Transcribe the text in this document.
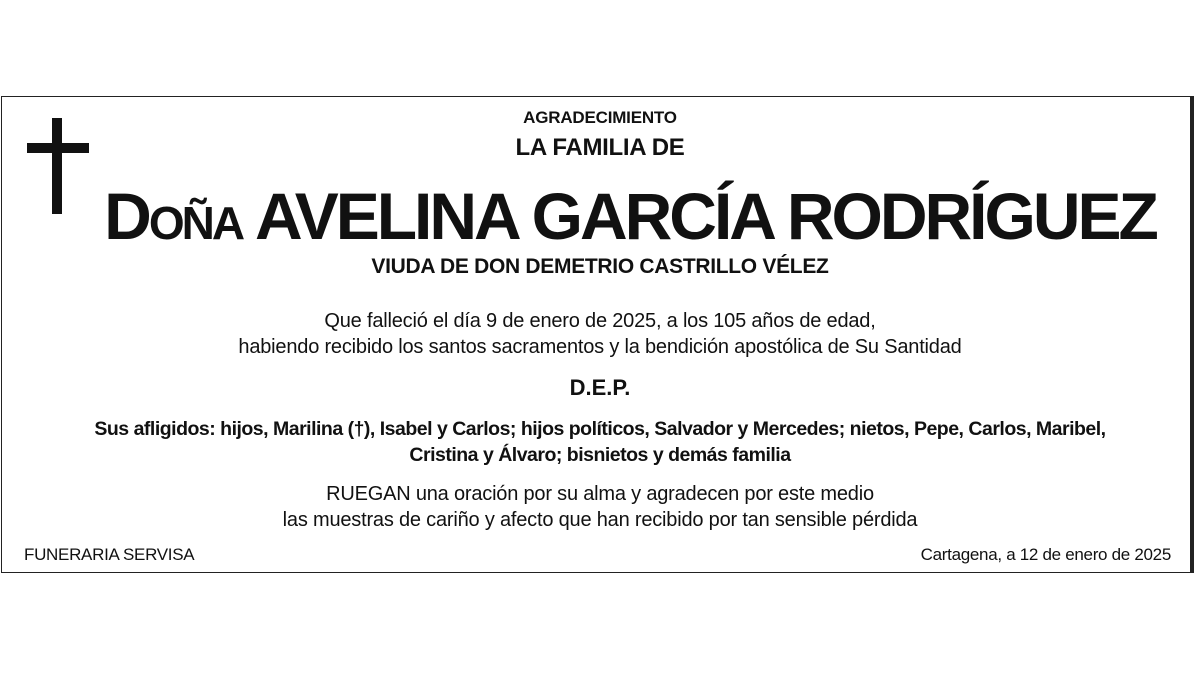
AGRADECIMIENTO
LA FAMILIA DE
Doña AVELINA GARCÍA RODRÍGUEZ
VIUDA DE DON DEMETRIO CASTRILLO VÉLEZ
Que falleció el día 9 de enero de 2025, a los 105 años de edad,
habiendo recibido los santos sacramentos y la bendición apostólica de Su Santidad
D.E.P.
Sus afligidos: hijos, Marilina (†), Isabel y Carlos; hijos políticos, Salvador y Mercedes; nietos, Pepe, Carlos, Maribel,
Cristina y Álvaro; bisnietos y demás familia
RUEGAN una oración por su alma y agradecen por este medio
las muestras de cariño y afecto que han recibido por tan sensible pérdida
FUNERARIA SERVISA	Cartagena, a 12 de enero de 2025
